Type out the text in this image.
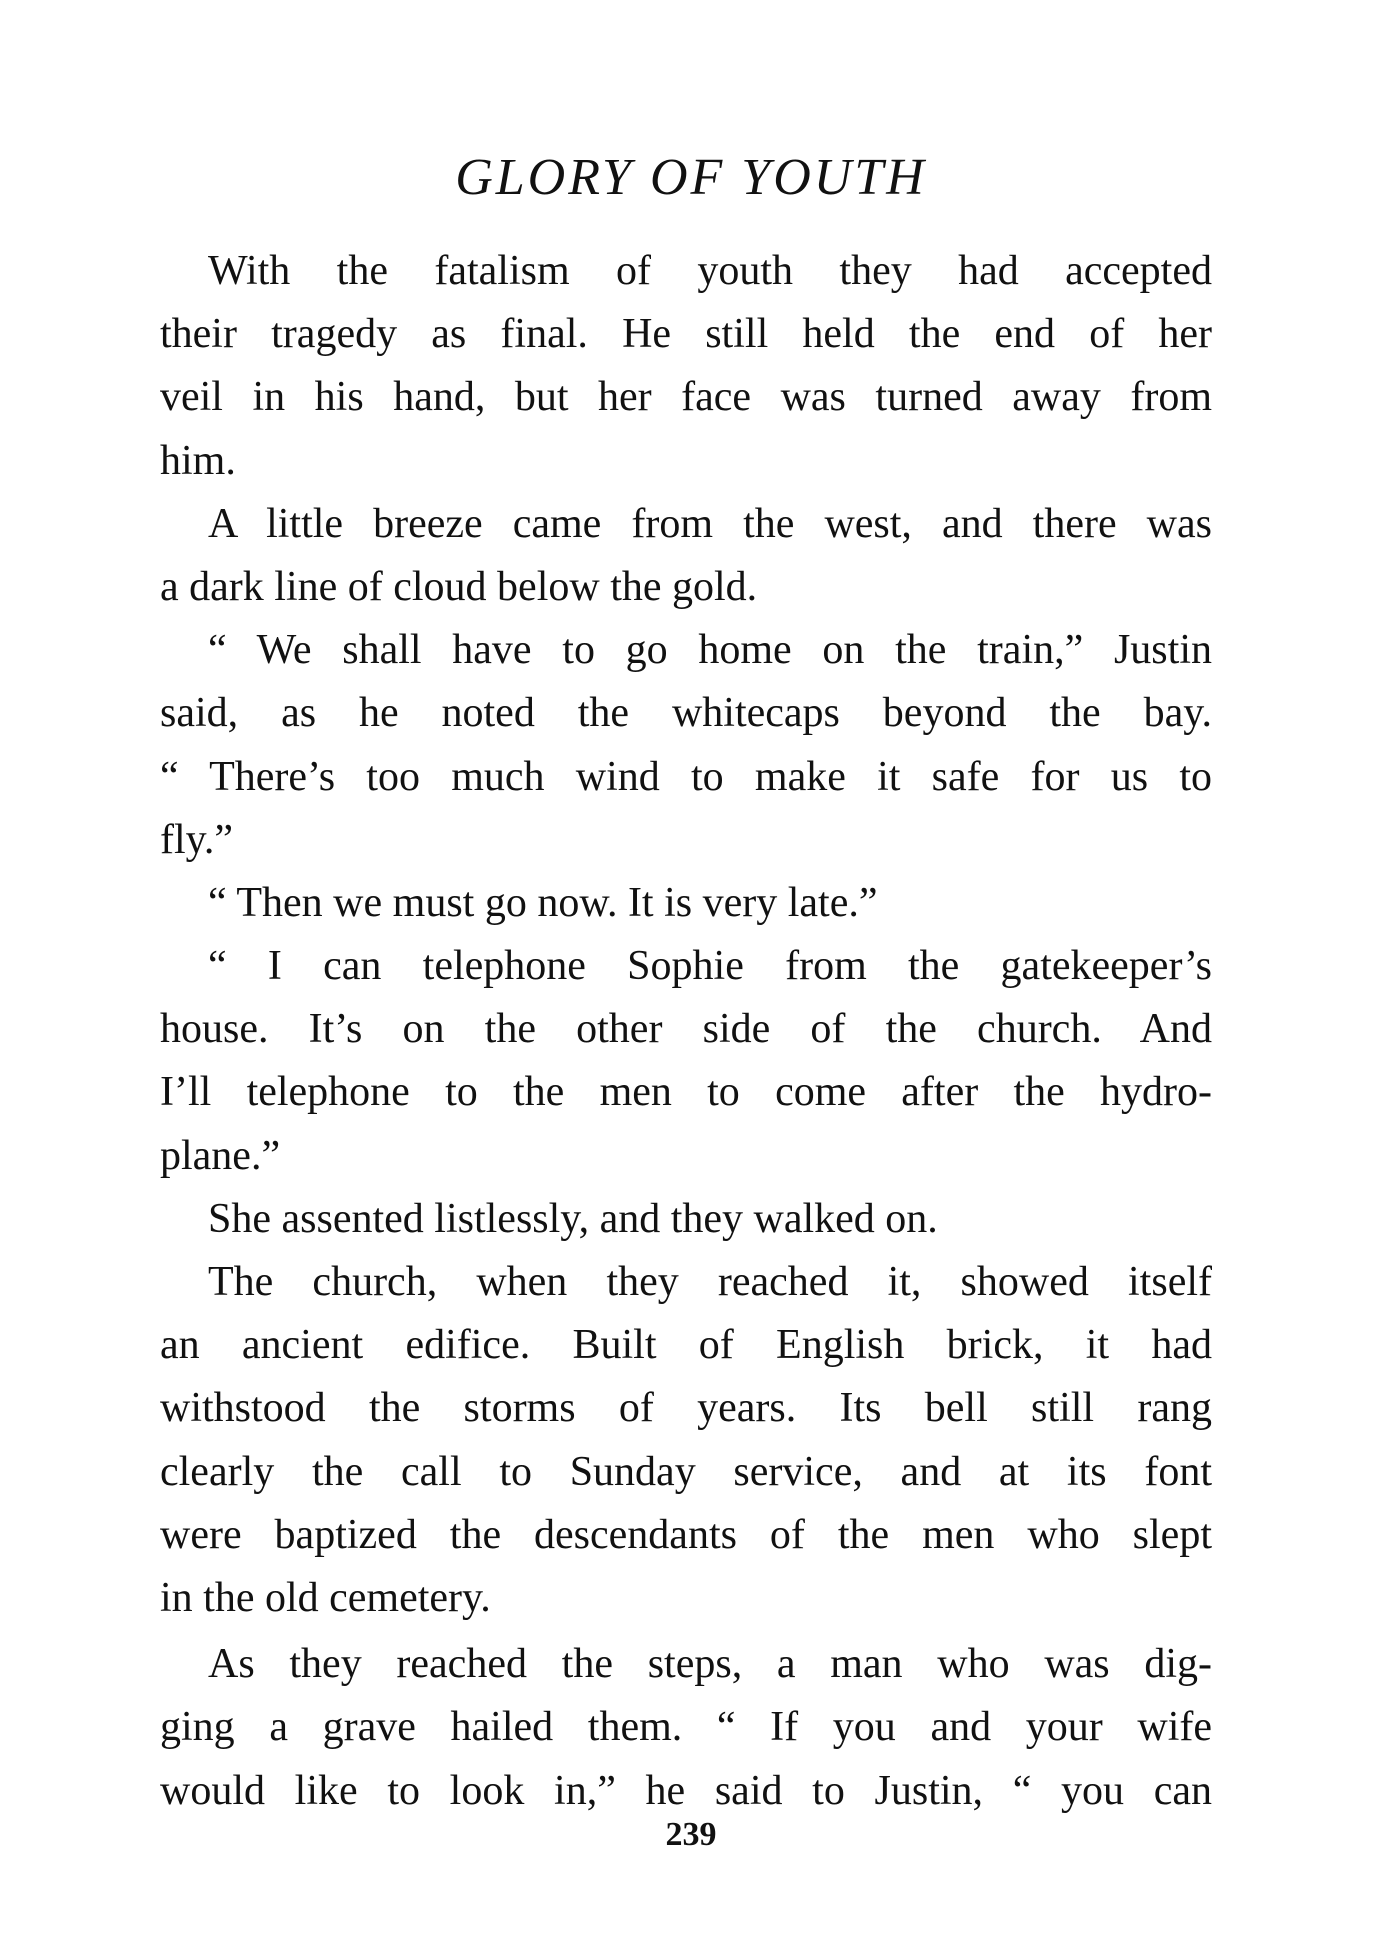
GLORY OF YOUTH
With the fatalism of youth they had accepted
their tragedy as final. He still held the end of her
veil in his hand, but her face was turned away from
him.
A little breeze came from the west, and there was
a dark line of cloud below the gold.
“ We shall have to go home on the train,” Justin
said, as he noted the whitecaps beyond the bay.
“ There’s too much wind to make it safe for us to
fly.”
“ Then we must go now. It is very late.”
“ I can telephone Sophie from the gatekeeper’s
house. It’s on the other side of the church. And
I’ll telephone to the men to come after the hydro-
plane.”
She assented listlessly, and they walked on.
The church, when they reached it, showed itself
an ancient edifice. Built of English brick, it had
withstood the storms of years. Its bell still rang
clearly the call to Sunday service, and at its font
were baptized the descendants of the men who slept
in the old cemetery.
As they reached the steps, a man who was dig-
ging a grave hailed them. “ If you and your wife
would like to look in,” he said to Justin, “ you can
239
